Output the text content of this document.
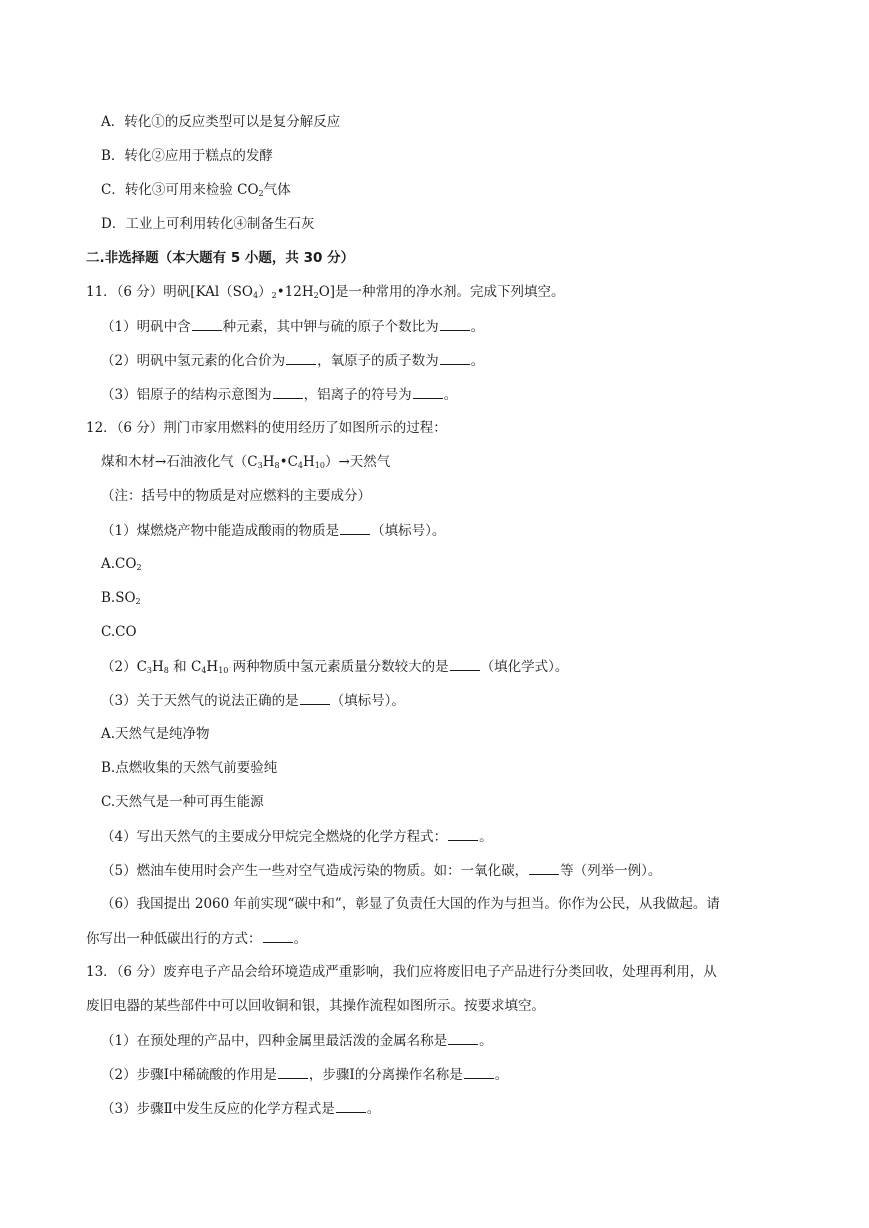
A．转化①的反应类型可以是复分解反应
B．转化②应用于糕点的发酵
C．转化③可用来检验 $CO_2$气体
D．工业上可利用转化④制备生石灰
二.非选择题（本大题有 5 小题，共 30 分）
11．（6 分）明矾$[KAl(SO_4)_2•12H_2O]$是一种常用的净水剂。完成下列填空。
（1）明矾中含 种元素，其中钾与硫的原子个数比为 。
（2）明矾中氢元素的化合价为 ，氧原子的质子数为 。
（3）铝原子的结构示意图为 ，铝离子的符号为 。
12．（6 分）荆门市家用燃料的使用经历了如图所示的过程：
煤和木材→石油液化气$(C_3H_8•C_4H_{10})\to$天然气
（注：括号中的物质是对应燃料的主要成分）
（1）煤燃烧产物中能造成酸雨的物质是 （填标号）。
$A.CO_2$
$B.SO_2$
C.CO
$(2)C_3H_8$ 和 $C_4H_{10}$ 两种物质中氢元素质量分数较大的是 （填化学式）。
（3）关于天然气的说法正确的是 （填标号）。
A.天然气是纯净物
B.点燃收集的天然气前要验纯
C.天然气是一种可再生能源
（4）写出天然气的主要成分甲烷完全燃烧的化学方程式： 。
（5）燃油车使用时会产生一些对空气造成污染的物质。如：一氧化碳， 等（列举一例）。
（6）我国提出 2060 年前实现“碳中和”，彰显了负责任大国的作为与担当。你作为公民，从我做起。请
你写出一种低碳出行的方式： 。
13．（6 分）废弃电子产品会给环境造成严重影响，我们应将废旧电子产品进行分类回收，处理再利用，从
废旧电器的某些部件中可以回收铜和银，其操作流程如图所示。按要求填空。
（1）在预处理的产品中，四种金属里最活泼的金属名称是 。
（2）步骤Ⅰ中稀硫酸的作用是 ，步骤Ⅰ的分离操作名称是 。
（3）步骤Ⅱ中发生反应的化学方程式是 。
